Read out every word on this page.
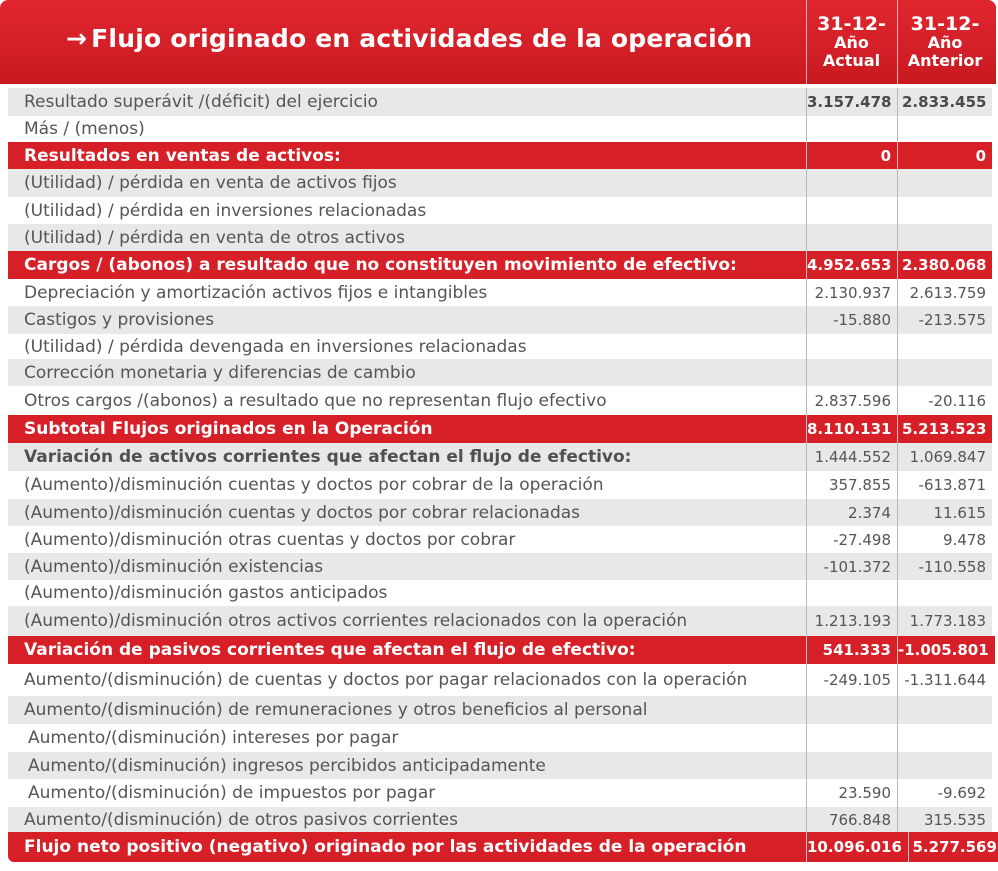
→ Flujo originado en actividades de la operación	31-12-
Año
Actual
31-12-
Año
Anterior
Resultado superávit /(déficit) del ejercicio	3.157.478 2.833.455
Más / (menos)
Resultados en ventas de activos:	0	0
(Utilidad) / pérdida en venta de activos fijos
(Utilidad) / pérdida en inversiones relacionadas
(Utilidad) / pérdida en venta de otros activos
Cargos / (abonos) a resultado que no constituyen movimiento de efectivo:	4.952.653 2.380.068
Depreciación y amortización activos fijos e intangibles	2.130.937	2.613.759
Castigos y provisiones	-15.880	-213.575
(Utilidad) / pérdida devengada en inversiones relacionadas
Corrección monetaria y diferencias de cambio
Otros cargos /(abonos) a resultado que no representan flujo efectivo	2.837.596	-20.116
Subtotal Flujos originados en la Operación	8.110.131 5.213.523
Variación de activos corrientes que afectan el flujo de efectivo:	1.444.552	1.069.847
(Aumento)/disminución cuentas y doctos por cobrar de la operación	357.855	-613.871
(Aumento)/disminución cuentas y doctos por cobrar relacionadas	2.374	11.615
(Aumento)/disminución otras cuentas y doctos por cobrar	-27.498	9.478
(Aumento)/disminución existencias	-101.372	-110.558
(Aumento)/disminución gastos anticipados
(Aumento)/disminución otros activos corrientes relacionados con la operación	1.213.193	1.773.183
Variación de pasivos corrientes que afectan el flujo de efectivo:	541.333 -1.005.801
Aumento/(disminución) de cuentas y doctos por pagar relacionados con la operación	-249.105 -1.311.644
Aumento/(disminución) de remuneraciones y otros beneficios al personal
Aumento/(disminución) intereses por pagar
Aumento/(disminución) ingresos percibidos anticipadamente
Aumento/(disminución) de impuestos por pagar	23.590	-9.692
Aumento/(disminución) de otros pasivos corrientes	766.848	315.535
Flujo neto positivo (negativo) originado por las actividades de la operación	10.096.016 5.277.569
